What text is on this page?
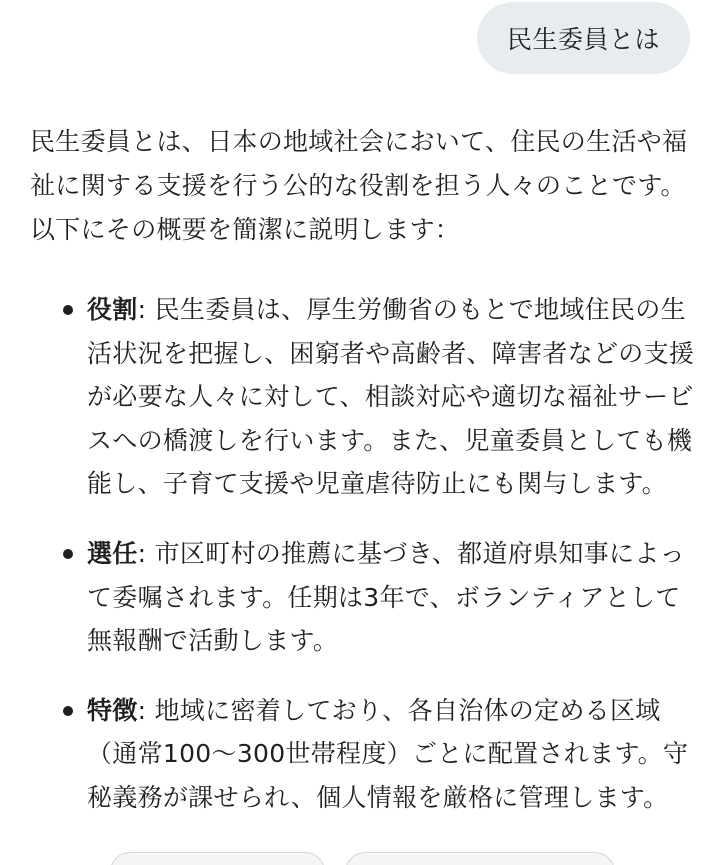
民生委員とは

民生委員とは、日本の地域社会において、住民の生活や福祉に関する支援を行う公的な役割を担う人々のことです。以下にその概要を簡潔に説明します：

役割: 民生委員は、厚生労働省のもとで地域住民の生活状況を把握し、困窮者や高齢者、障害者などの支援が必要な人々に対して、相談対応や適切な福祉サービスへの橋渡しを行います。また、児童委員としても機能し、子育て支援や児童虐待防止にも関与します。
選任: 市区町村の推薦に基づき、都道府県知事によって委嘱されます。任期は3年で、ボランティアとして無報酬で活動します。
特徴: 地域に密着しており、各自治体の定める区域（通常100〜300世帯程度）ごとに配置されます。守秘義務が課せられ、個人情報を厳格に管理します。
